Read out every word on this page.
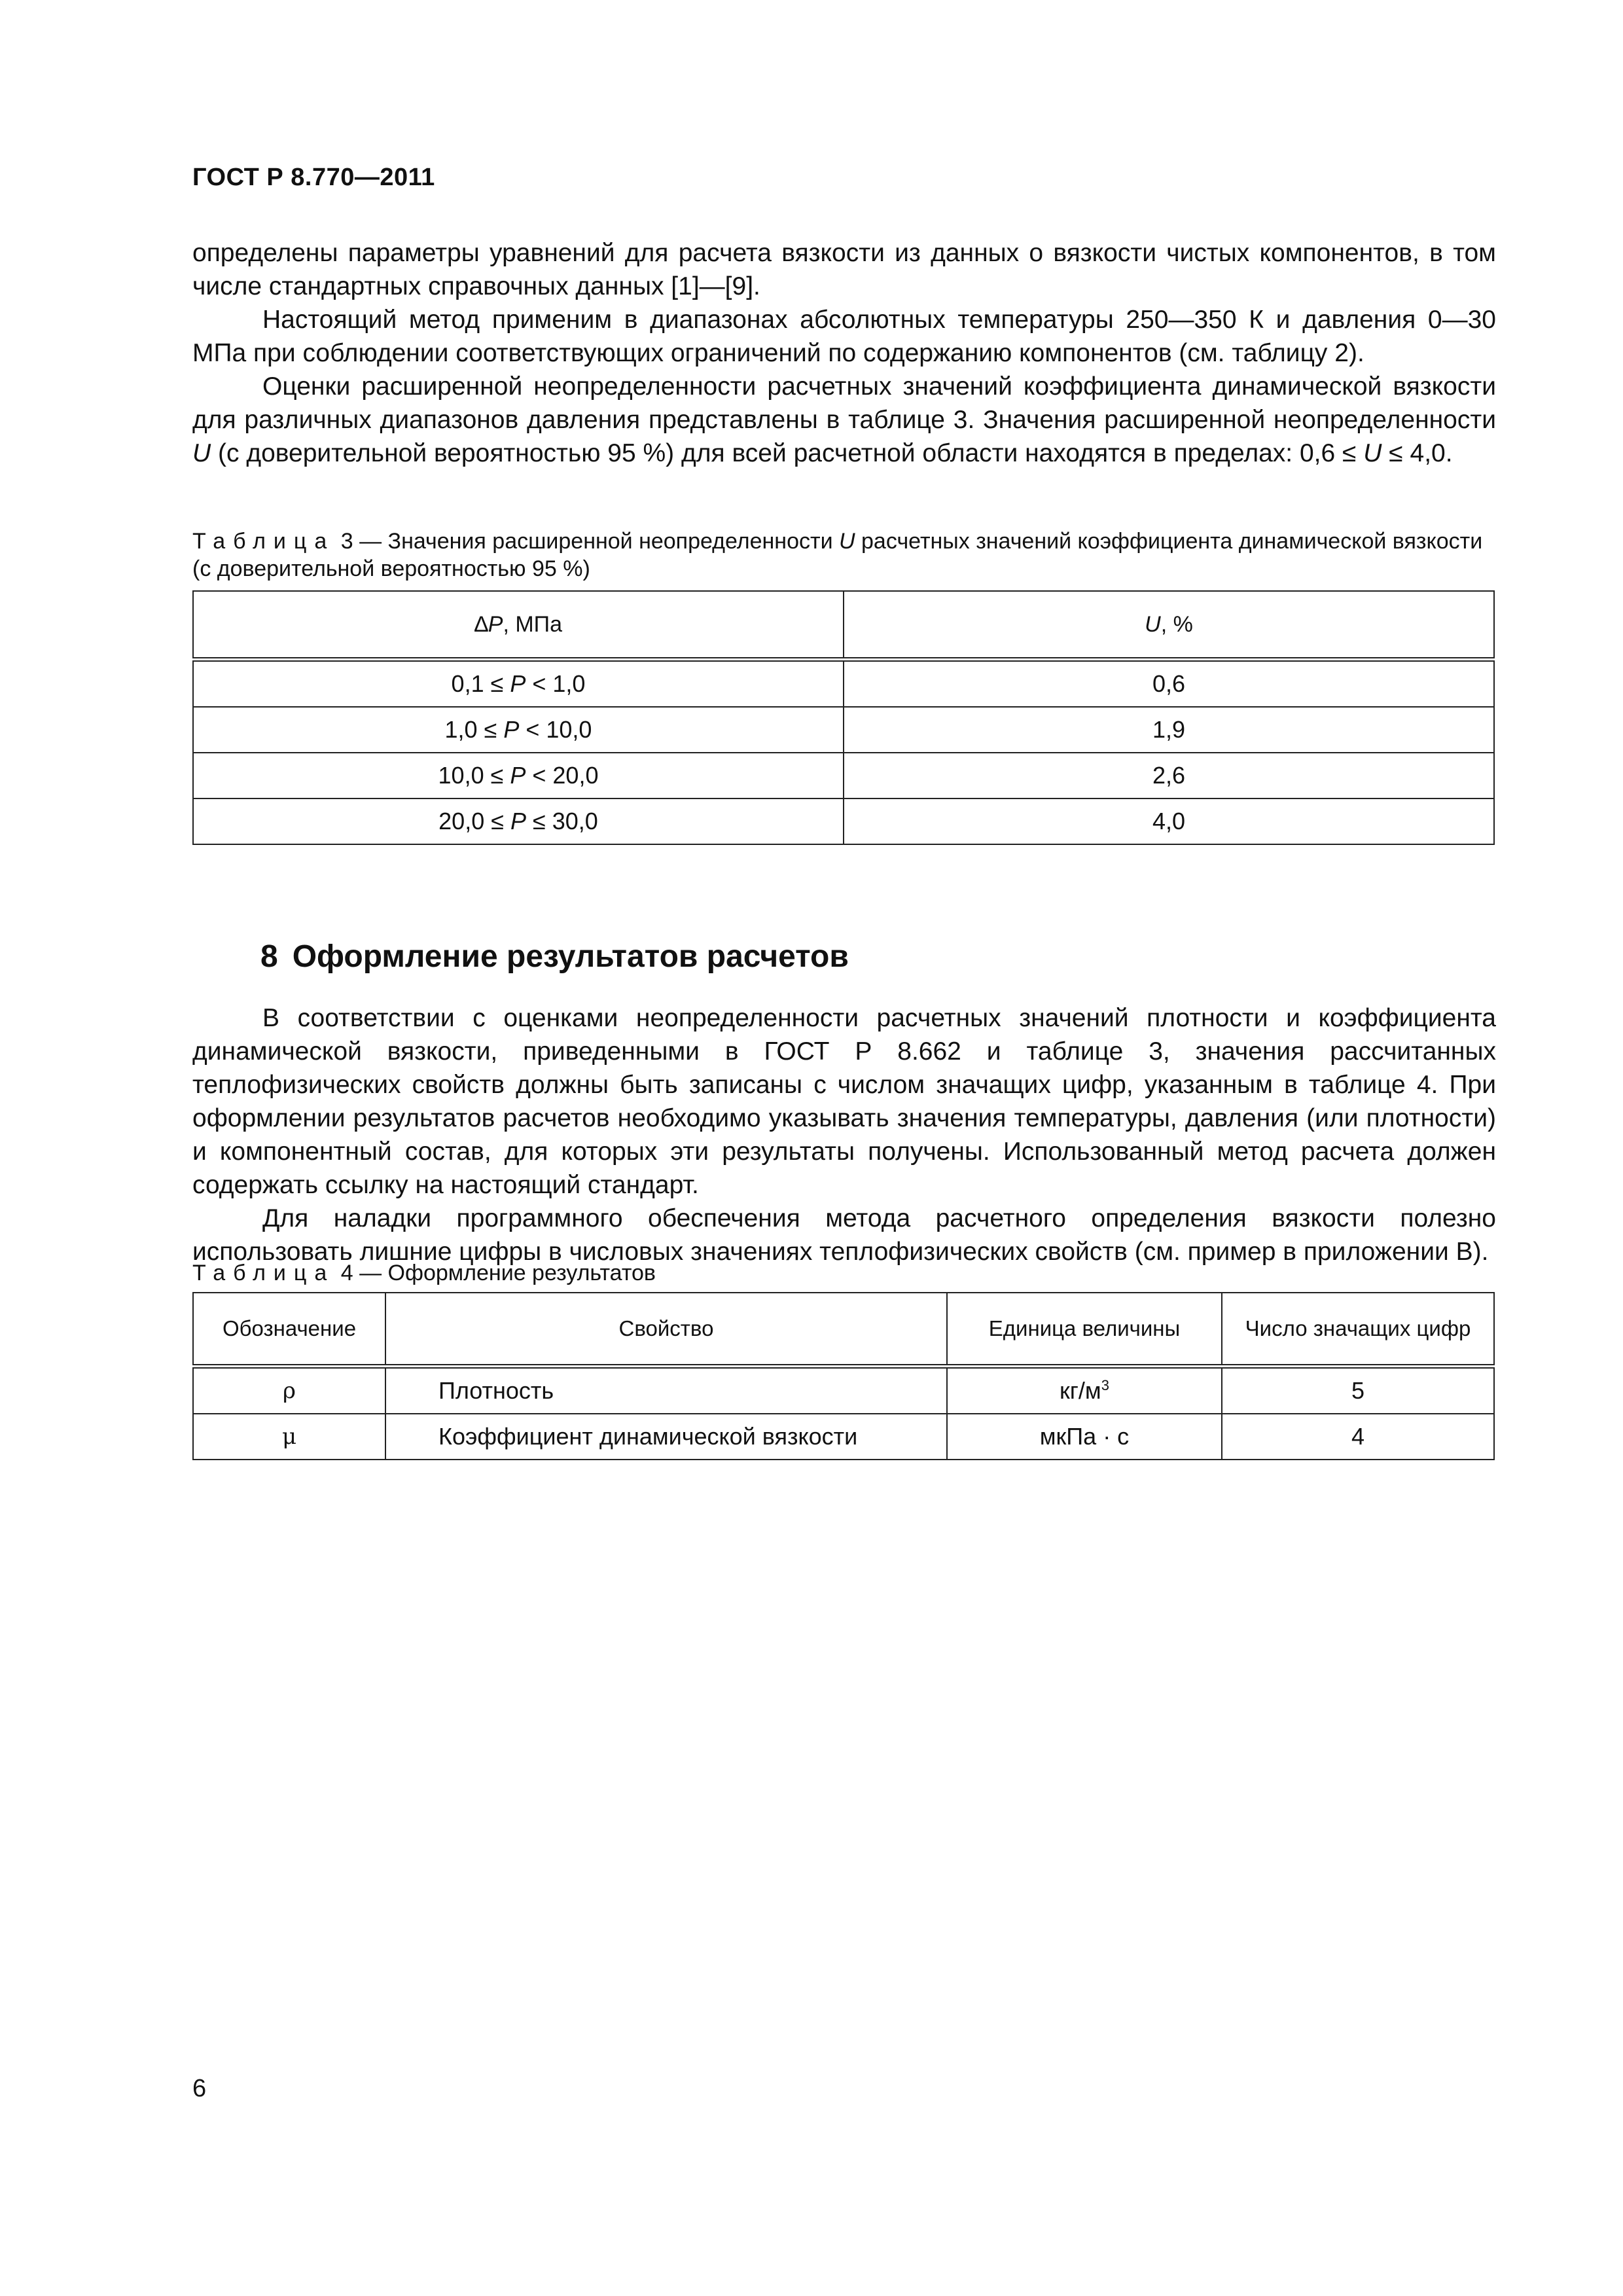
ГОСТ Р 8.770—2011

определены параметры уравнений для расчета вязкости из данных о вязкости чистых компонентов, в том числе стандартных справочных данных [1]—[9].

Настоящий метод применим в диапазонах абсолютных температуры 250—350 К и давления 0—30 МПа при соблюдении соответствующих ограничений по содержанию компонентов (см. таблицу 2).

Оценки расширенной неопределенности расчетных значений коэффициента динамической вязкости для различных диапазонов давления представлены в таблице 3. Значения расширенной неопределенности U (с доверительной вероятностью 95 %) для всей расчетной области находятся в пределах: 0,6 ≤ U ≤ 4,0.

Таблица 3 — Значения расширенной неопределенности U расчетных значений коэффициента динамической вязкости (с доверительной вероятностью 95 %)
∆P, МПа	U, %
0,1 ≤ P < 1,0	0,6
1,0 ≤ P < 10,0	1,9
10,0 ≤ P < 20,0	2,6
20,0 ≤ P ≤ 30,0	4,0
8 Оформление результатов расчетов

В соответствии с оценками неопределенности расчетных значений плотности и коэффициента динамической вязкости, приведенными в ГОСТ Р 8.662 и таблице 3, значения рассчитанных теплофизических свойств должны быть записаны с числом значащих цифр, указанным в таблице 4. При оформлении результатов расчетов необходимо указывать значения температуры, давления (или плотности) и компонентный состав, для которых эти результаты получены. Использованный метод расчета должен содержать ссылку на настоящий стандарт.

Для наладки программного обеспечения метода расчетного определения вязкости полезно использовать лишние цифры в числовых значениях теплофизических свойств (см. пример в приложении В).

Таблица 4 — Оформление результатов
Обозначение	Свойство	Единица величины	Число значащих цифр
ρ	Плотность	$кг/м^3$	5
μ	Коэффициент динамической вязкости	мкПа · с	4
6
